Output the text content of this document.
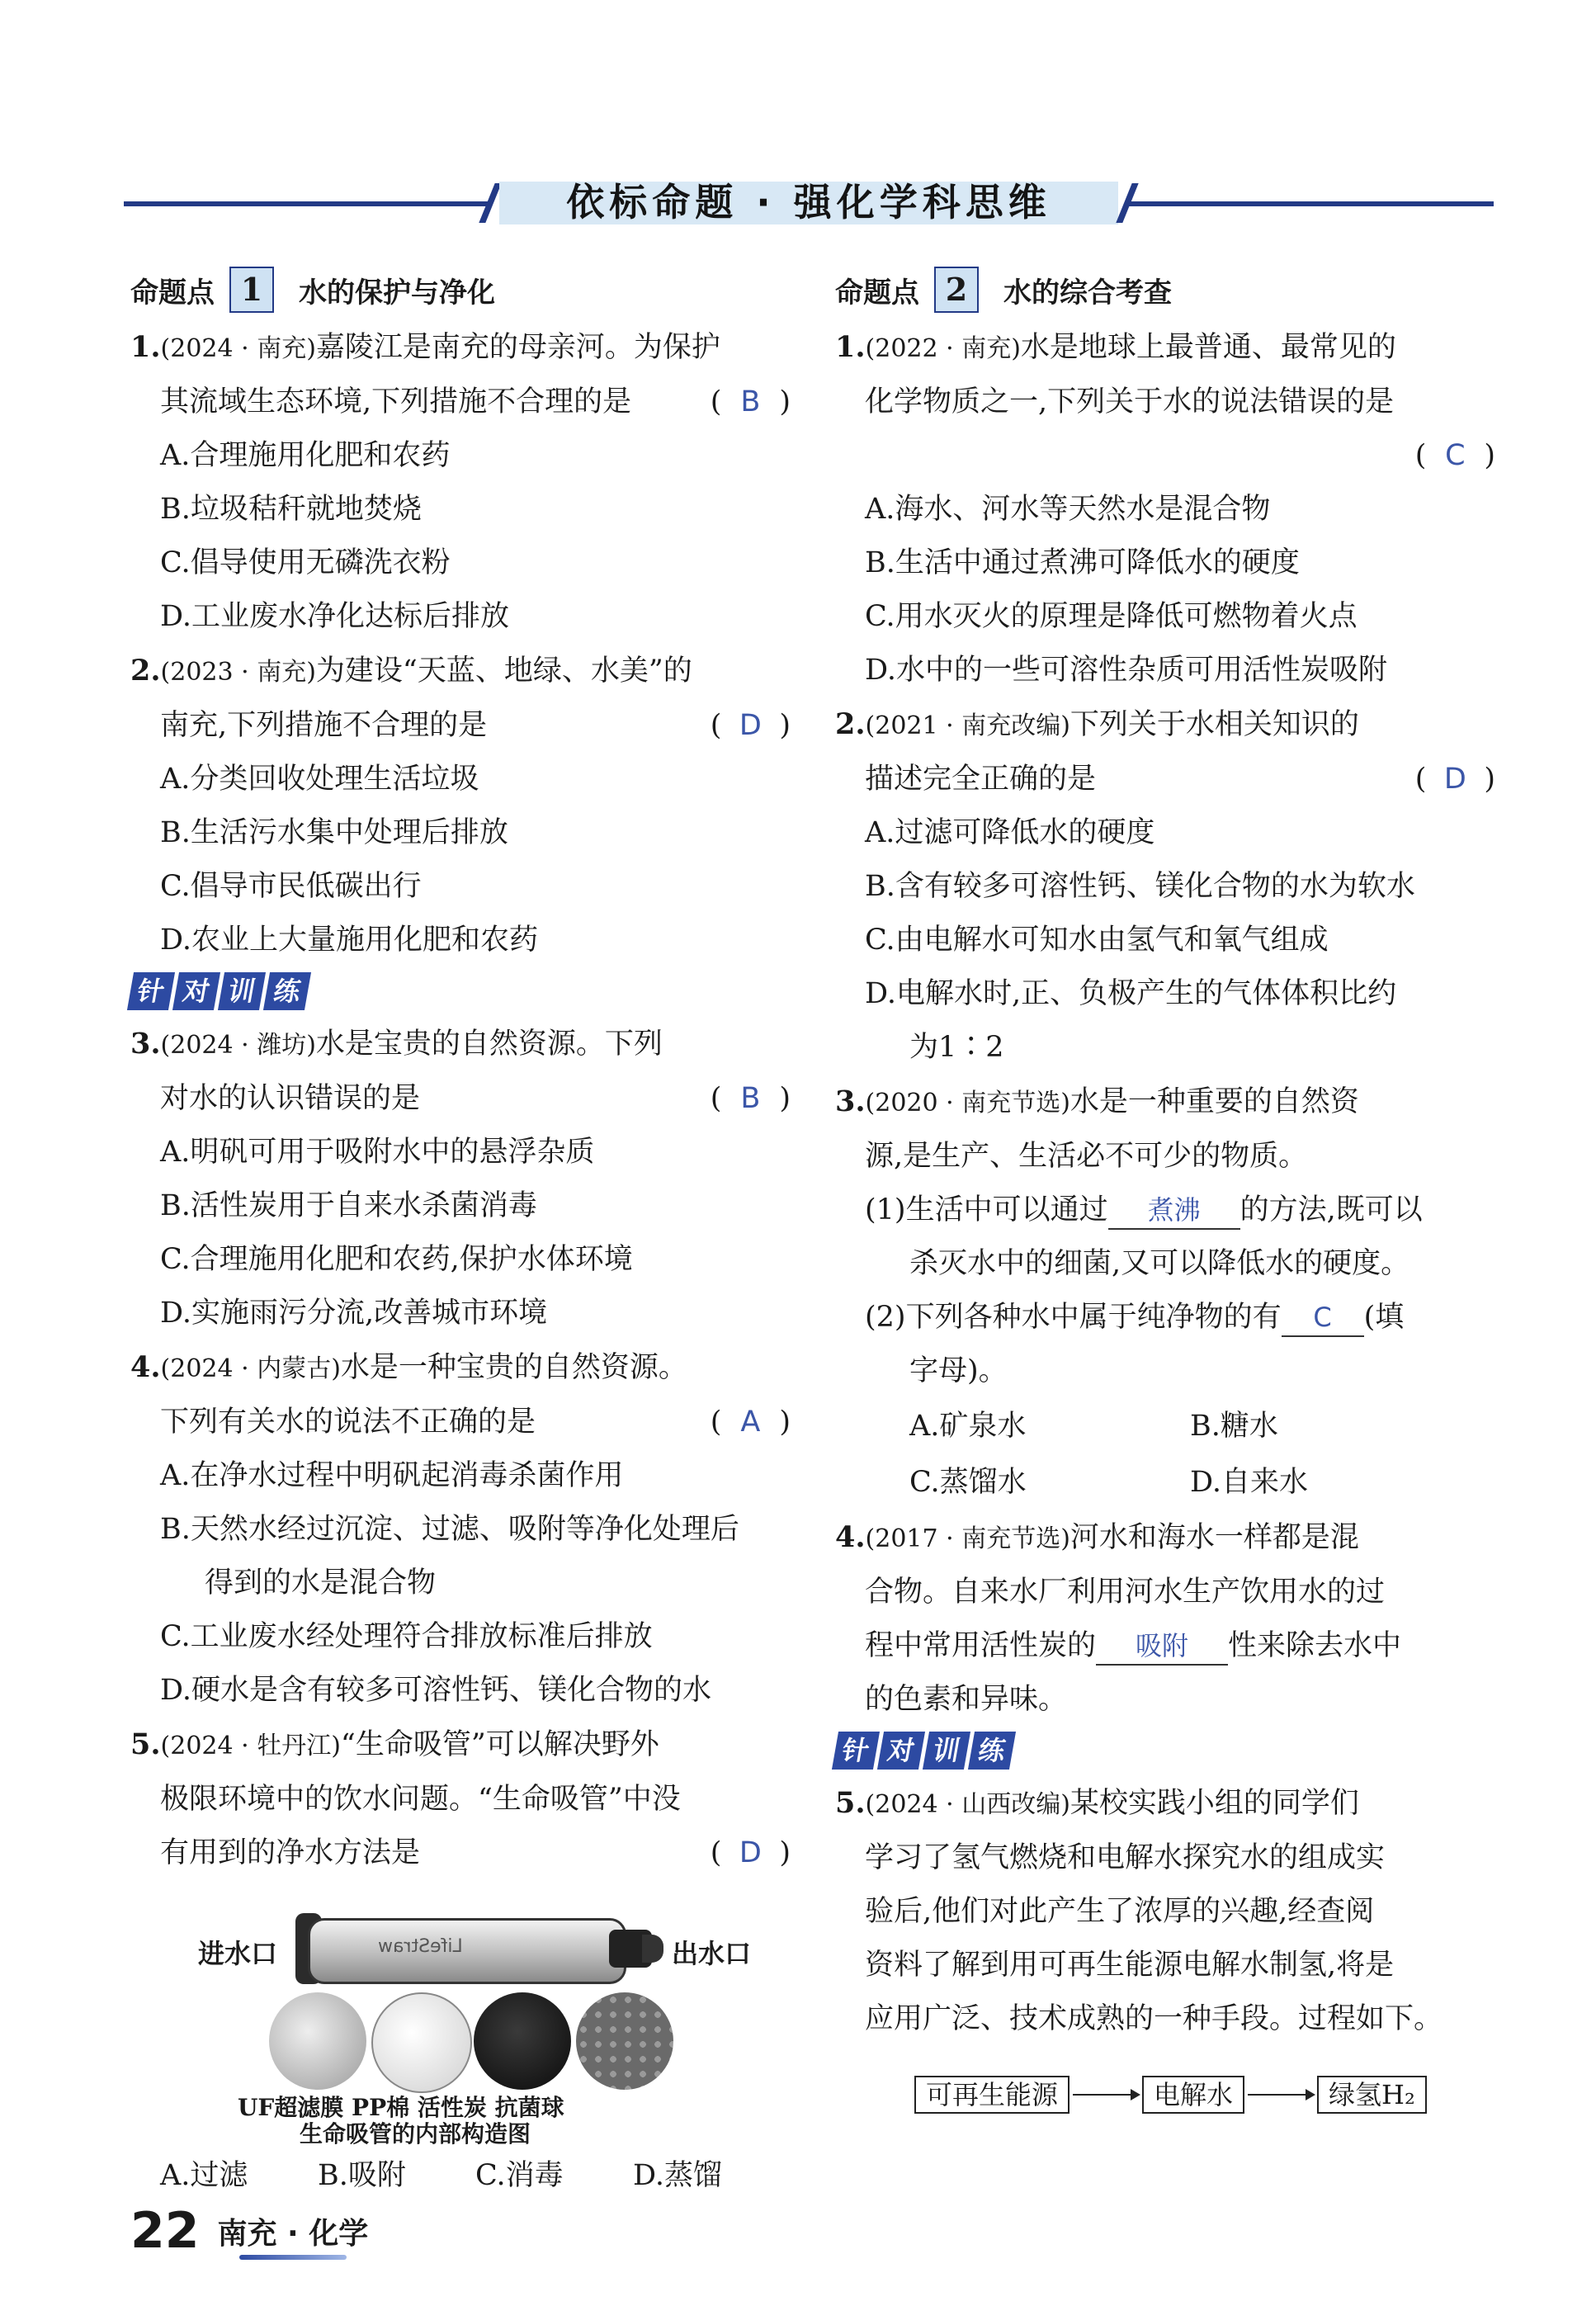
依标命题 · 强化学科思维
命题点 1	水的保护与净化
1.(2024 · 南充)嘉陵江是南充的母亲河。为保护
其流域生态环境,下列措施不合理的是	( B )
A.合理施用化肥和农药
B.垃圾秸秆就地焚烧
C.倡导使用无磷洗衣粉
D.工业废水净化达标后排放
2.(2023 · 南充)为建设“天蓝、地绿、水美”的
南充,下列措施不合理的是	( D )
A.分类回收处理生活垃圾
B.生活污水集中处理后排放
C.倡导市民低碳出行
D.农业上大量施用化肥和农药
针 对 训 练
3.(2024 · 潍坊)水是宝贵的自然资源。下列
对水的认识错误的是	( B )
A.明矾可用于吸附水中的悬浮杂质
B.活性炭用于自来水杀菌消毒
C.合理施用化肥和农药,保护水体环境
D.实施雨污分流,改善城市环境
4.(2024 · 内蒙古)水是一种宝贵的自然资源。
下列有关水的说法不正确的是	( A )
A.在净水过程中明矾起消毒杀菌作用
B.天然水经过沉淀、过滤、吸附等净化处理后
得到的水是混合物
C.工业废水经处理符合排放标准后排放
D.硬水是含有较多可溶性钙、镁化合物的水
5.(2024 · 牡丹江)“生命吸管”可以解决野外
极限环境中的饮水问题。“生命吸管”中没
有用到的净水方法是	( D )
进水口	LifeStraw	出水口
UF超滤膜 PP棉 活性炭 抗菌球
生命吸管的内部构造图
A.过滤	B.吸附	C.消毒	D.蒸馏
命题点 2	水的综合考查
1.(2022 · 南充)水是地球上最普通、最常见的
化学物质之一,下列关于水的说法错误的是
( C )
A.海水、河水等天然水是混合物
B.生活中通过煮沸可降低水的硬度
C.用水灭火的原理是降低可燃物着火点
D.水中的一些可溶性杂质可用活性炭吸附
2.(2021 · 南充改编)下列关于水相关知识的
描述完全正确的是	( D )
A.过滤可降低水的硬度
B.含有较多可溶性钙、镁化合物的水为软水
C.由电解水可知水由氢气和氧气组成
D.电解水时,正、负极产生的气体体积比约
为1∶2
3.(2020 · 南充节选)水是一种重要的自然资
源,是生产、生活必不可少的物质。
(1)生活中可以通过 煮沸 的方法,既可以
杀灭水中的细菌,又可以降低水的硬度。
(2)下列各种水中属于纯净物的有 C (填
字母)。
A.矿泉水	B.糖水
C.蒸馏水	D.自来水
4.(2017 · 南充节选)河水和海水一样都是混
合物。自来水厂利用河水生产饮用水的过
程中常用活性炭的 吸附 性来除去水中
的色素和异味。
针 对 训 练
5.(2024 · 山西改编)某校实践小组的同学们
学习了氢气燃烧和电解水探究水的组成实
验后,他们对此产生了浓厚的兴趣,经查阅
资料了解到用可再生能源电解水制氢,将是
应用广泛、技术成熟的一种手段。过程如下。
可再生能源	电解水	绿氢H₂
22 南充 · 化学
